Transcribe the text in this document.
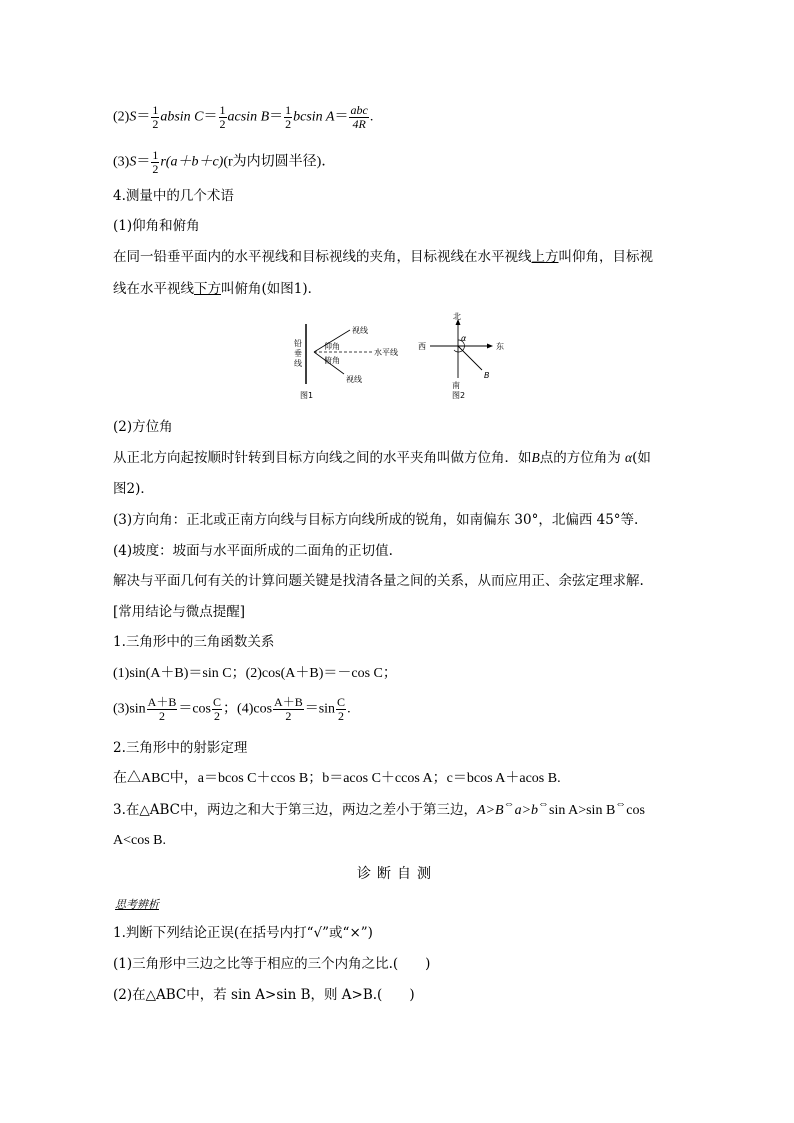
$(2)S= \frac{1}{2}$ absin $C= \frac{1}{2}$ acsin $B= \frac{1}{2}$ bcsin $A= \frac{\text{abc}}{4R}$ .
$(3)S= \frac{1}{2} r(a+b+c)(r$为内切圆半径)．
4.测量中的几个术语
(1)仰角和俯角
在同一铅垂平面内的水平视线和目标视线的夹角，目标视线在水平视线上方叫仰角，目标视
线在水平视线下方叫俯角(如图1)．
铅
垂
线
视线
仰角
水平线
俯角
视线
图1
北
西	东
南
α
B
图2
(2)方位角
从正北方向起按顺时针转到目标方向线之间的水平夹角叫做方位角．如B点的方位角为 α(如
图2)．
(3)方向角：正北或正南方向线与目标方向线所成的锐角，如南偏东 30°，北偏西 45°等.
(4)坡度：坡面与水平面所成的二面角的正切值.
解决与平面几何有关的计算问题关键是找清各量之间的关系，从而应用正、余弦定理求解.
[常用结论与微点提醒]
1.三角形中的三角函数关系
(1)sin(A＋B)＝sin C；(2)cos(A＋B)＝－cos C；
$(3)\sin \frac{A+B}{2} =\cos \frac{C}{2}$ ；$(4)\cos \frac{A+B}{2} =\sin \frac{C}{2}$ .
2.三角形中的射影定理
在△ABC中，a＝bcos C＋ccos B；b＝acos C＋ccos A；c＝bcos A＋acos B.
3.在△ABC中，两边之和大于第三边，两边之差小于第三边，A>B⇔a>b⇔sin A>sin B⇔cos
A<cos B.
诊断自测
思考辨析
1.判断下列结论正误(在括号内打“√”或“×”)
(1)三角形中三边之比等于相应的三个内角之比.(　　)
(2)在△ABC中，若 sin A>sin B，则 A>B.(　　)
